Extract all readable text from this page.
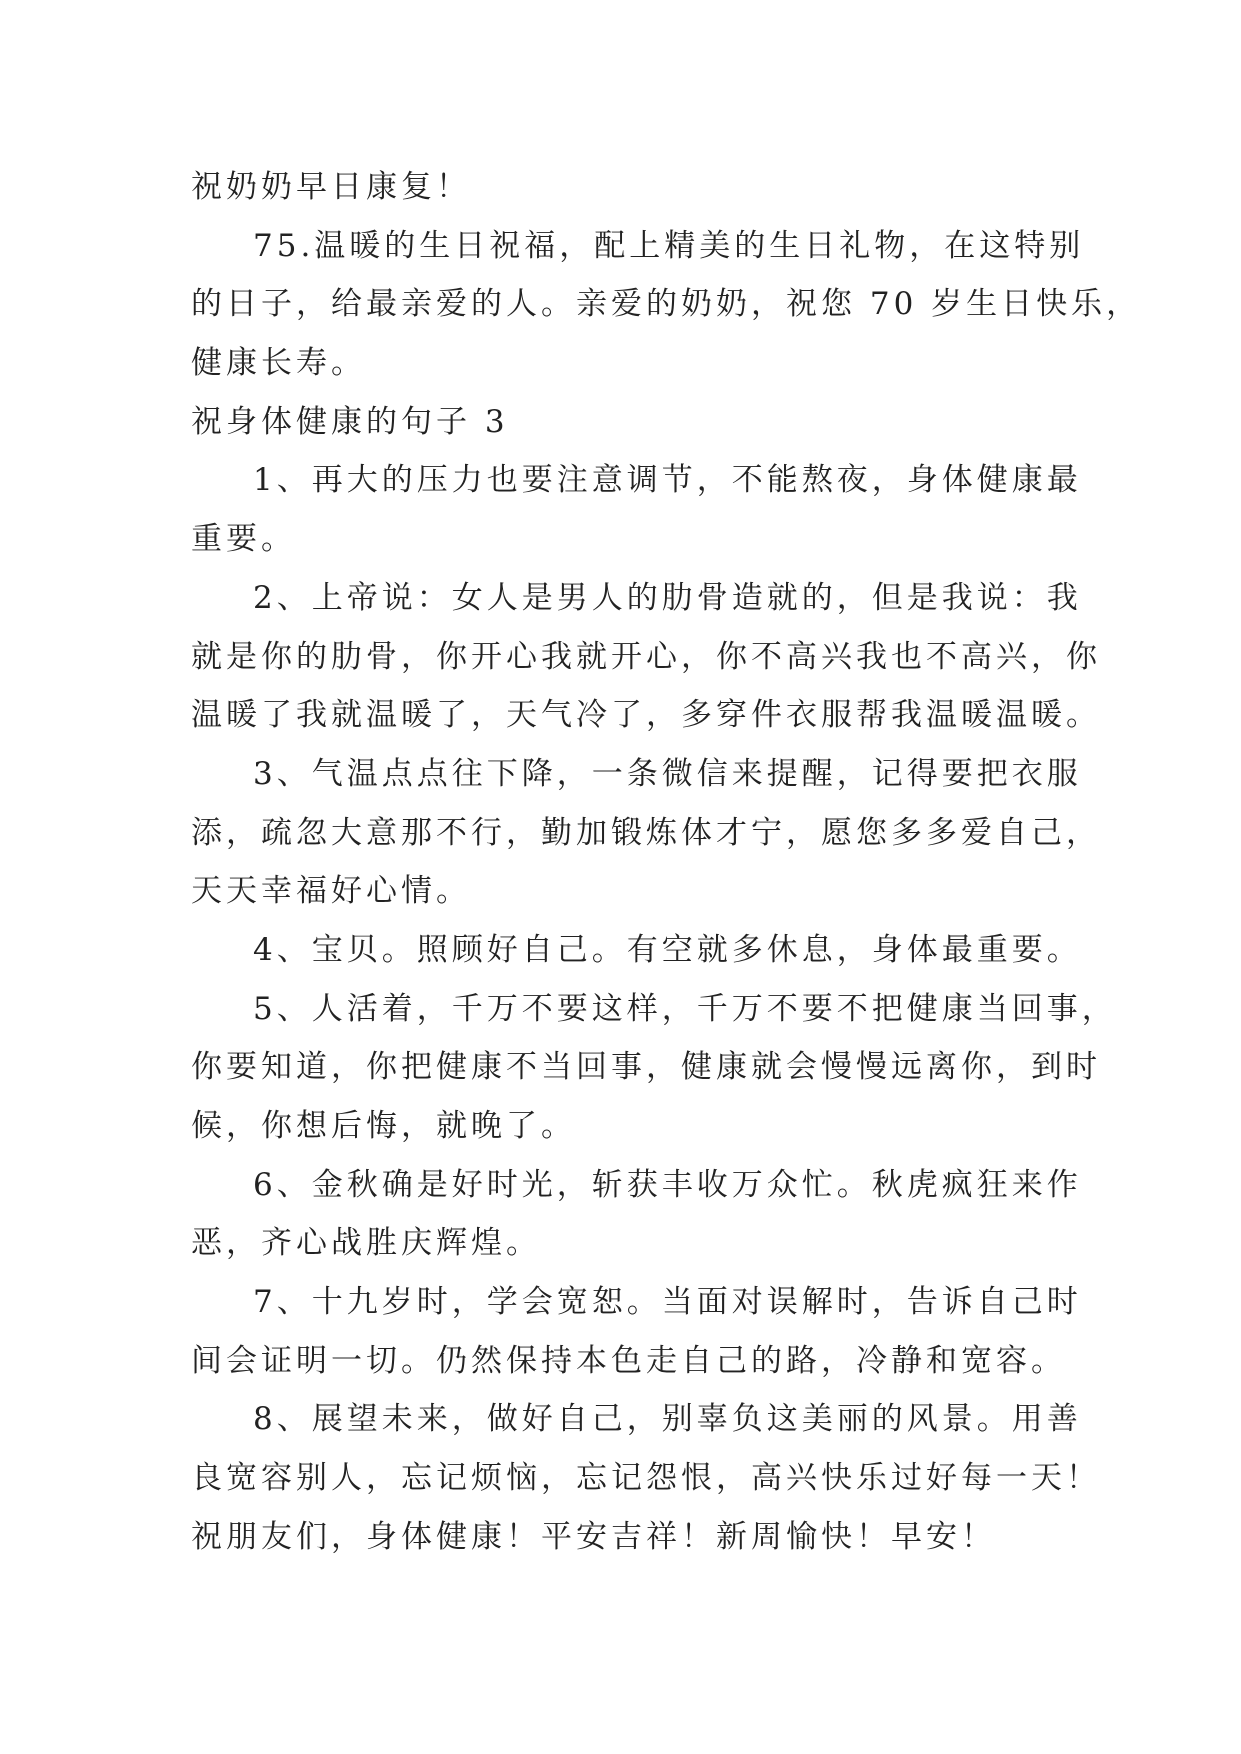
祝奶奶早日康复！
75.温暖的生日祝福，配上精美的生日礼物，在这特别
的日子，给最亲爱的人。亲爱的奶奶，祝您 70 岁生日快乐，
健康长寿。
祝身体健康的句子 3
1、再大的压力也要注意调节，不能熬夜，身体健康最
重要。
2、上帝说：女人是男人的肋骨造就的，但是我说：我
就是你的肋骨，你开心我就开心，你不高兴我也不高兴，你
温暖了我就温暖了，天气冷了，多穿件衣服帮我温暖温暖。
3、气温点点往下降，一条微信来提醒，记得要把衣服
添，疏忽大意那不行，勤加锻炼体才宁，愿您多多爱自己，
天天幸福好心情。
4、宝贝。照顾好自己。有空就多休息，身体最重要。
5、人活着，千万不要这样，千万不要不把健康当回事，
你要知道，你把健康不当回事，健康就会慢慢远离你，到时
候，你想后悔，就晚了。
6、金秋确是好时光，斩获丰收万众忙。秋虎疯狂来作
恶，齐心战胜庆辉煌。
7、十九岁时，学会宽恕。当面对误解时，告诉自己时
间会证明一切。仍然保持本色走自己的路，冷静和宽容。
8、展望未来，做好自己，别辜负这美丽的风景。用善
良宽容别人，忘记烦恼，忘记怨恨，高兴快乐过好每一天！
祝朋友们，身体健康！平安吉祥！新周愉快！早安！
